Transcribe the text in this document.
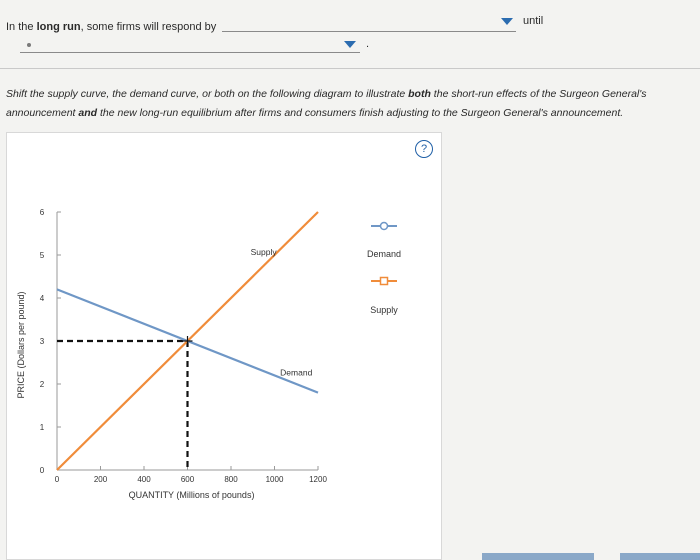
In the long run, some firms will respond by	until
.
Shift the supply curve, the demand curve, or both on the following diagram to illustrate both the short-run effects of the Surgeon General's announcement and the new long-run equilibrium after firms and consumers finish adjusting to the Surgeon General's announcement.
?
0
1
2
3
4
5
6
0	200	400	600	800	1000	1200
QUANTITY (Millions of pounds)
PRICE (Dollars per pound)	Demand
Supply	Demand
Supply
